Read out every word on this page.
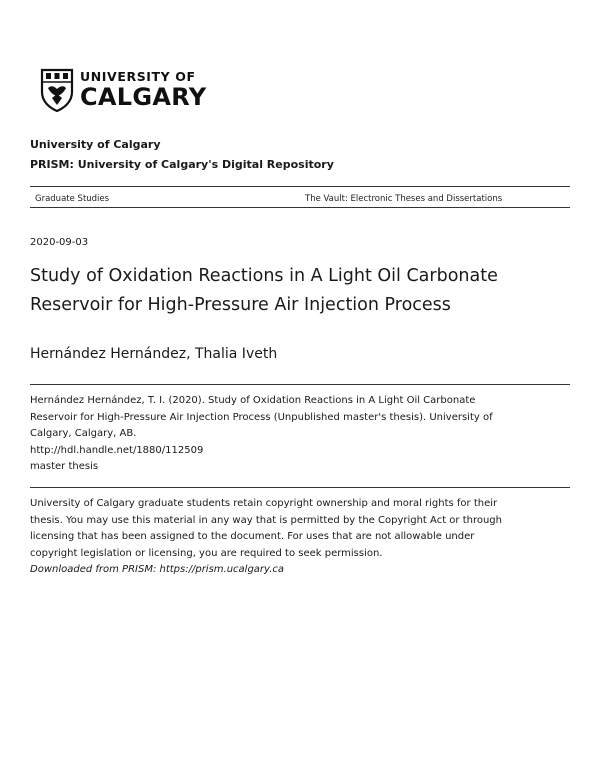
UNIVERSITY OF
CALGARY
University of Calgary
PRISM: University of Calgary's Digital Repository
Graduate Studies	The Vault: Electronic Theses and Dissertations
2020-09-03
Study of Oxidation Reactions in A Light Oil Carbonate
Reservoir for High-Pressure Air Injection Process
Hernández Hernández, Thalia Iveth

Hernández Hernández, T. I. (2020). Study of Oxidation Reactions in A Light Oil Carbonate

Reservoir for High-Pressure Air Injection Process (Unpublished master's thesis). University of

Calgary, Calgary, AB.

http://hdl.handle.net/1880/112509

master thesis

University of Calgary graduate students retain copyright ownership and moral rights for their

thesis. You may use this material in any way that is permitted by the Copyright Act or through

licensing that has been assigned to the document. For uses that are not allowable under

copyright legislation or licensing, you are required to seek permission.

Downloaded from PRISM: https://prism.ucalgary.ca
